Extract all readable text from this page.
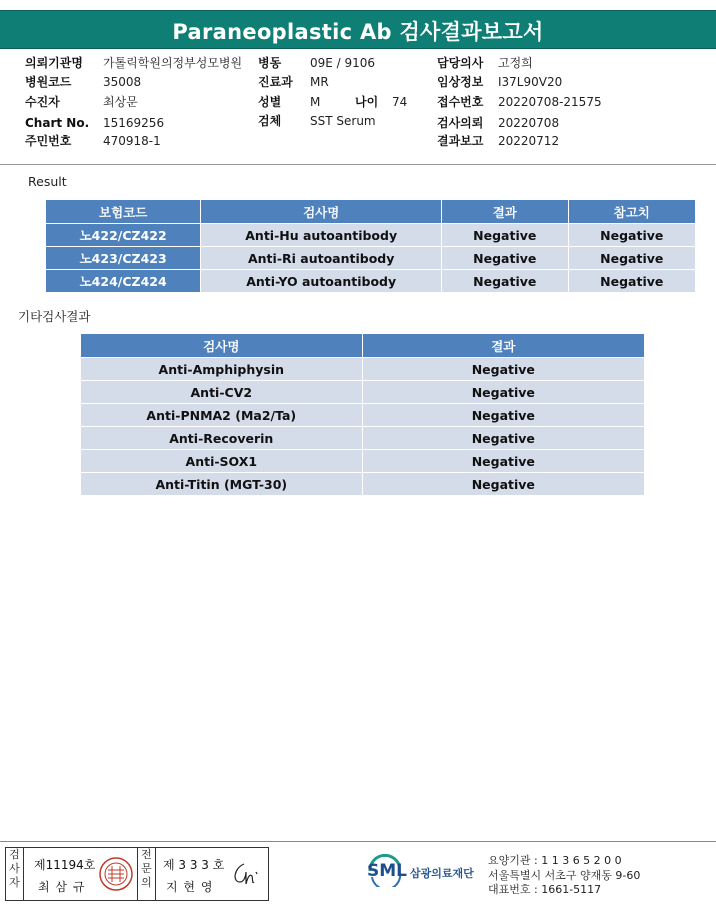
Paraneoplastic Ab 검사결과보고서
의뢰기관명 가톨릭학원의정부성모병원
병원코드	35008
수진자	최상문
Chart No. 15169256
주민번호	470918-1
병동 09E / 9106
진료과 MR
성별 M	나이 74
검체 SST Serum
담당의사 고정희
임상정보 I37L90V20
접수번호 20220708-21575
검사의뢰 20220708
결과보고 20220712
Result
보험코드	검사명	결과	참고치
노422/CZ422	Anti-Hu autoantibody	Negative	Negative
노423/CZ423	Anti-Ri autoantibody	Negative	Negative
노424/CZ424	Anti-YO autoantibody	Negative	Negative
기타검사결과
검사명	결과
Anti-Amphiphysin	Negative
Anti-CV2	Negative
Anti-PNMA2 (Ma2/Ta)	Negative
Anti-Recoverin	Negative
Anti-SOX1	Negative
Anti-Titin (MGT-30)	Negative
검
사
자
제11194호
최 삼 규
전
문
의
제 3 3 3 호
지 현 영
SML 삼광의료재단
요양기관 : 1 1 3 6 5 2 0 0
서울특별시 서초구 양재동 9-60
대표번호 : 1661-5117
